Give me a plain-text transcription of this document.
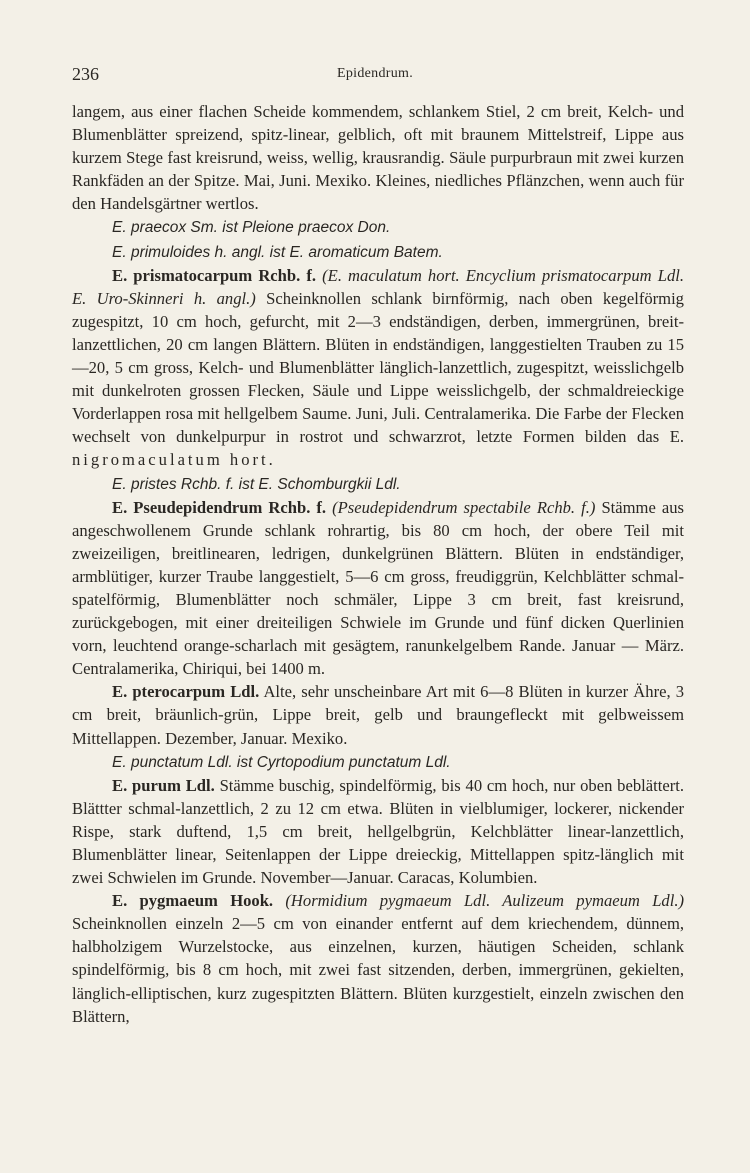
236	Epidendrum.

langem, aus einer flachen Scheide kommendem, schlankem Stiel, 2 cm breit, Kelch- und Blumenblätter spreizend, spitz-linear, gelblich, oft mit braunem Mittelstreif, Lippe aus kurzem Stege fast kreisrund, weiss, wellig, krausrandig. Säule purpurbraun mit zwei kurzen Rankfäden an der Spitze. Mai, Juni. Mexiko. Kleines, niedliches Pflänzchen, wenn auch für den Handelsgärtner wertlos.

E. praecox Sm. ist Pleione praecox Don.

E. primuloides h. angl. ist E. aromaticum Batem.

E. prismatocarpum Rchb. f. (E. maculatum hort. Encyclium prismatocarpum Ldl. E. Uro-Skinneri h. angl.) Scheinknollen schlank birnförmig, nach oben kegelförmig zugespitzt, 10 cm hoch, gefurcht, mit 2—3 endständigen, derben, immergrünen, breit-lanzettlichen, 20 cm langen Blättern. Blüten in endständigen, langgestielten Trauben zu 15—20, 5 cm gross, Kelch- und Blumenblätter länglich-lanzettlich, zugespitzt, weisslichgelb mit dunkelroten grossen Flecken, Säule und Lippe weisslichgelb, der schmaldreieckige Vorderlappen rosa mit hellgelbem Saume. Juni, Juli. Centralamerika. Die Farbe der Flecken wechselt von dunkelpurpur in rostrot und schwarzrot, letzte Formen bilden das E. nigromaculatum hort.

E. pristes Rchb. f. ist E. Schomburgkii Ldl.

E. Pseudepidendrum Rchb. f. (Pseudepidendrum spectabile Rchb. f.) Stämme aus angeschwollenem Grunde schlank rohrartig, bis 80 cm hoch, der obere Teil mit zweizeiligen, breitlinearen, ledrigen, dunkelgrünen Blättern. Blüten in endständiger, armblütiger, kurzer Traube langgestielt, 5—6 cm gross, freudiggrün, Kelchblätter schmal-spatelförmig, Blumenblätter noch schmäler, Lippe 3 cm breit, fast kreisrund, zurückgebogen, mit einer dreiteiligen Schwiele im Grunde und fünf dicken Querlinien vorn, leuchtend orange-scharlach mit gesägtem, ranunkelgelbem Rande. Januar — März. Centralamerika, Chiriqui, bei 1400 m.

E. pterocarpum Ldl. Alte, sehr unscheinbare Art mit 6—8 Blüten in kurzer Ähre, 3 cm breit, bräunlich-grün, Lippe breit, gelb und braungefleckt mit gelbweissem Mittellappen. Dezember, Januar. Mexiko.

E. punctatum Ldl. ist Cyrtopodium punctatum Ldl.

E. purum Ldl. Stämme buschig, spindelförmig, bis 40 cm hoch, nur oben beblättert. Blättter schmal-lanzettlich, 2 zu 12 cm etwa. Blüten in vielblumiger, lockerer, nickender Rispe, stark duftend, 1,5 cm breit, hellgelbgrün, Kelchblätter linear-lanzettlich, Blumenblätter linear, Seitenlappen der Lippe dreieckig, Mittellappen spitz-länglich mit zwei Schwielen im Grunde. November—Januar. Caracas, Kolumbien.

E. pygmaeum Hook. (Hormidium pygmaeum Ldl. Aulizeum pymaeum Ldl.) Scheinknollen einzeln 2—5 cm von einander entfernt auf dem kriechendem, dünnem, halbholzigem Wurzelstocke, aus einzelnen, kurzen, häutigen Scheiden, schlank spindelförmig, bis 8 cm hoch, mit zwei fast sitzenden, derben, immergrünen, gekielten, länglich-elliptischen, kurz zugespitzten Blättern. Blüten kurzgestielt, einzeln zwischen den Blättern,
